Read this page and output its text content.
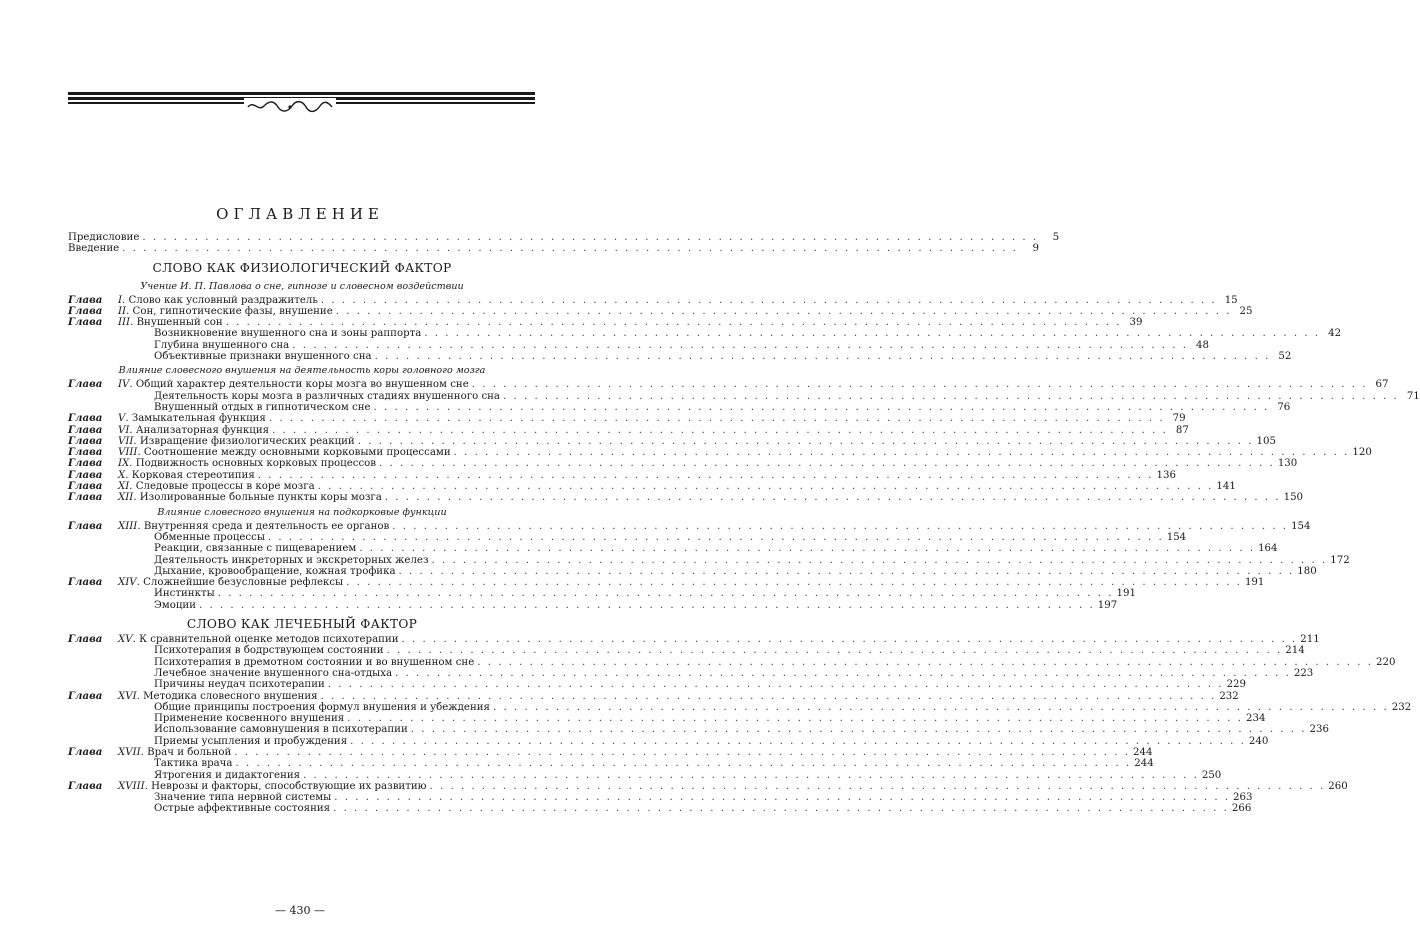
ОГЛАВЛЕНИЕ
Предисловие . . .	5
Введение . . .	9
СЛОВО КАК ФИЗИОЛОГИЧЕСКИЙ ФАКТОР
Учение И. П. Павлова о сне, гипнозе и словесном воздействии
Глава	I. Слово как условный раздражитель . . .	15
Глава	II. Сон, гипнотические фазы, внушение . . .	25
Глава	III. Внушенный сон . . .	39
Возникновение внушенного сна и зоны раппорта . . .	42
Глубина внушенного сна . . .	48
Объективные признаки внушенного сна . . .	52
Влияние словесного внушения на деятельность коры головного мозга
Глава	IV. Общий характер деятельности коры мозга во внушенном сне . . .	67
Деятельность коры мозга в различных стадиях внушенного сна . . .	71
Внушенный отдых в гипнотическом сне . . .	76
Глава	V. Замыкательная функция . . .	79
Глава	VI. Анализаторная функция . . .	87
Глава	VII. Извращение физиологических реакций . . .	105
Глава	VIII. Соотношение между основными корковыми процессами . . .	120
Глава	IX. Подвижность основных корковых процессов . . .	130
Глава	X. Корковая стереотипия . . .	136
Глава	XI. Следовые процессы в коре мозга . . .	141
Глава	XII. Изолированные больные пункты коры мозга . . .	150
Влияние словесного внушения на подкорковые функции
Глава	XIII. Внутренняя среда и деятельность ее органов . . .	154
Обменные процессы . . .	154
Реакции, связанные с пищеварением . . .	164
Деятельность инкреторных и экскреторных желез . . .	172
Дыхание, кровообращение, кожная трофика . . .	180
Глава	XIV. Сложнейшие безусловные рефлексы . . .	191
Инстинкты . . .	191
Эмоции . . .	197
СЛОВО КАК ЛЕЧЕБНЫЙ ФАКТОР
Глава	XV. К сравнительной оценке методов психотерапии . . .	211
Психотерапия в бодрствующем состоянии . . .	214
Психотерапия в дремотном состоянии и во внушенном сне . . .	220
Лечебное значение внушенного сна-отдыха . . .	223
Причины неудач психотерапии . . .	229
Глава	XVI. Методика словесного внушения . . .	232
Общие принципы построения формул внушения и убеждения . . .	232
Применение косвенного внушения . . .	234
Использование самовнушения в психотерапии . . .	236
Приемы усыпления и пробуждения . . .	240
Глава	XVII. Врач и больной . . .	244
Тактика врача . . .	244
Ятрогения и дидактогения . . .	250
Глава	XVIII. Неврозы и факторы, способствующие их развитию . . .	260
Значение типа нервной системы . . .	263
Острые аффективные состояния . . .	266
— 430 —
